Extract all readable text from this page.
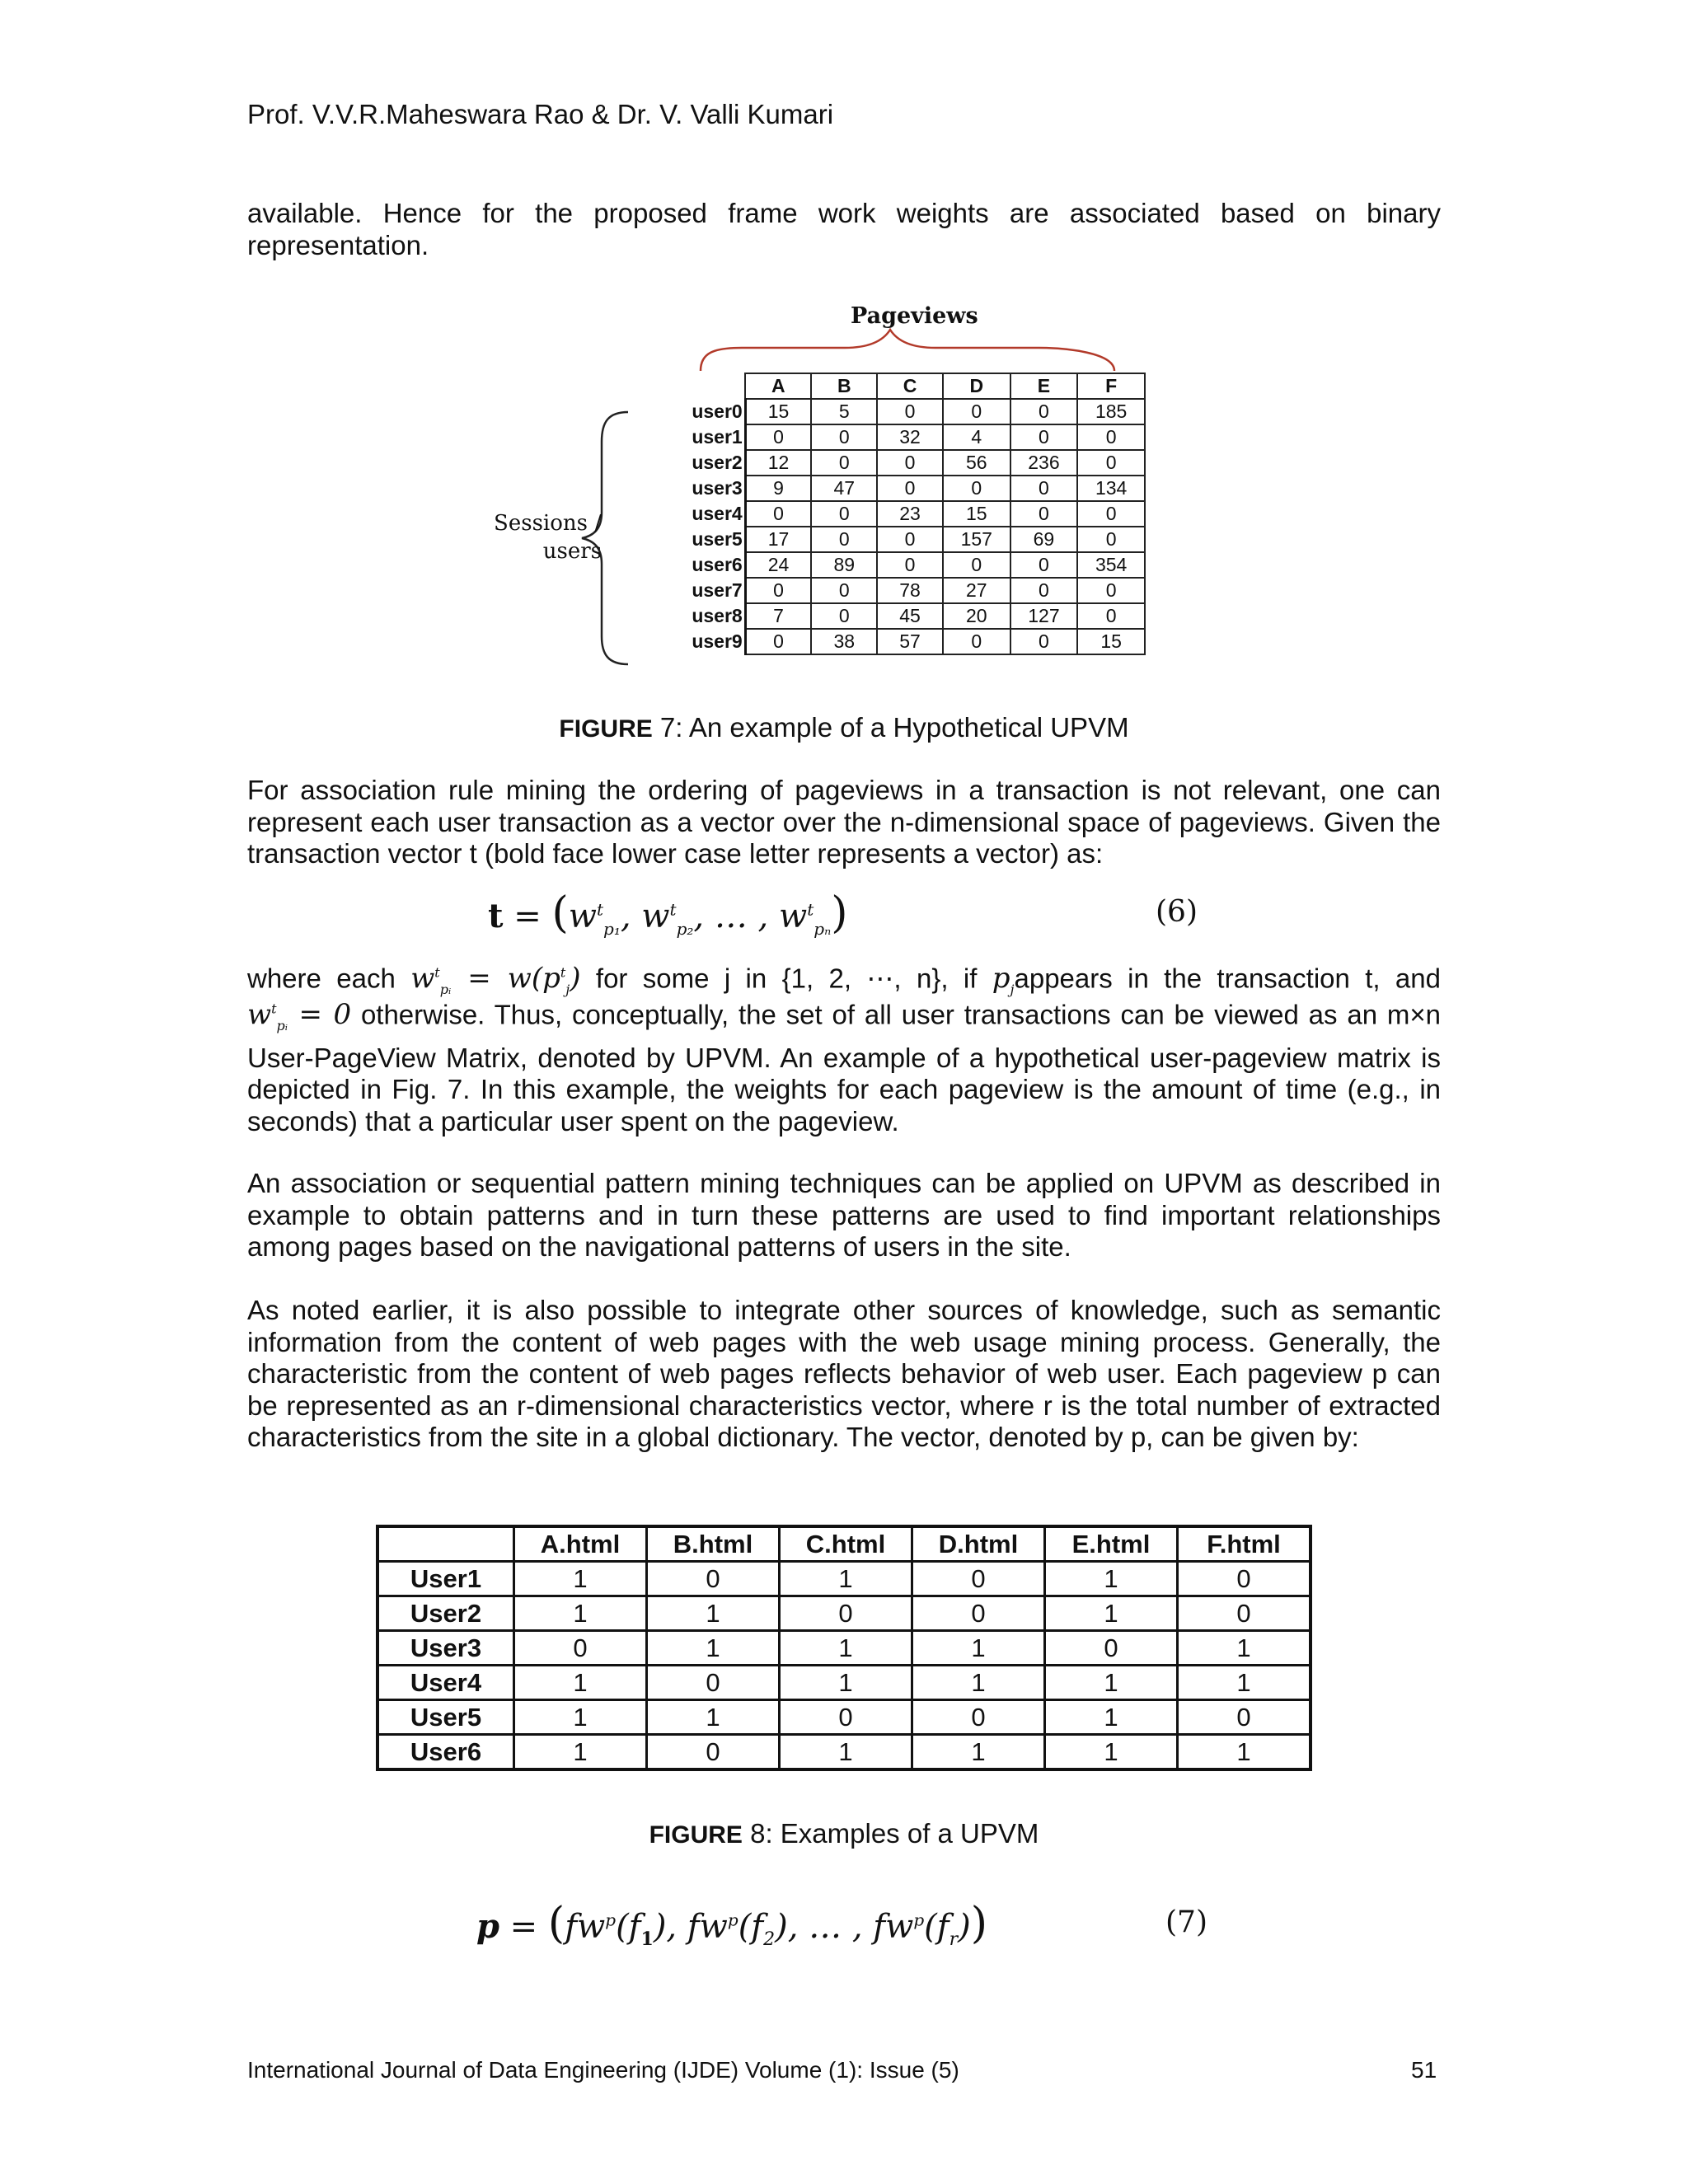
Prof. V.V.R.Maheswara Rao & Dr. V. Valli Kumari

available. Hence for the proposed frame work weights are associated based on binary representation.

Pageviews
Sessions /
users
	A	B	C	D	E	F
user0	15	5	0	0	0	185
user1	0	0	32	4	0	0
user2	12	0	0	56	236	0
user3	9	47	0	0	0	134
user4	0	0	23	15	0	0
user5	17	0	0	157	69	0
user6	24	89	0	0	0	354
user7	0	0	78	27	0	0
user8	7	0	45	20	127	0
user9	0	38	57	0	0	15
FIGURE 7: An example of a Hypothetical UPVM

For association rule mining the ordering of pageviews in a transaction is not relevant, one can represent each user transaction as a vector over the n-dimensional space of pageviews. Given the transaction vector t (bold face lower case letter represents a vector) as:

$t = (w^t_{p_1}$, $w^t_{p_2}$, … , $w^t_{p_n}$)	(6)
where each $w^t_{pᵢ} = w(p^t_j)$ for some j in {1, 2, ⋯, n}, if $p_jappears$ in the transaction t, and
$w^t_{pᵢ} = 0$ otherwise. Thus, conceptually, the set of all user transactions can be viewed as an m×n User-PageView Matrix, denoted by UPVM. An example of a hypothetical user-pageview matrix is depicted in Fig. 7. In this example, the weights for each pageview is the amount of time (e.g., in seconds) that a particular user spent on the pageview.

An association or sequential pattern mining techniques can be applied on UPVM as described in example to obtain patterns and in turn these patterns are used to find important relationships among pages based on the navigational patterns of users in the site.

As noted earlier, it is also possible to integrate other sources of knowledge, such as semantic information from the content of web pages with the web usage mining process. Generally, the characteristic from the content of web pages reflects behavior of web user. Each pageview p can be represented as an r-dimensional characteristics vector, where r is the total number of extracted characteristics from the site in a global dictionary. The vector, denoted by p, can be given by:

	A.html	B.html	C.html	D.html	E.html	F.html
User1	1	0	1	0	1	0
User2	1	1	0	0	1	0
User3	0	1	1	1	0	1
User4	1	0	1	1	1	1
User5	1	1	0	0	1	0
User6	1	0	1	1	1	1
FIGURE 8: Examples of a UPVM
$p = (fw^p(f_1)$, $fw^p(f_2)$, … , $fw^p(f_r)$)	(7)
International Journal of Data Engineering (IJDE) Volume (1): Issue (5)	51
